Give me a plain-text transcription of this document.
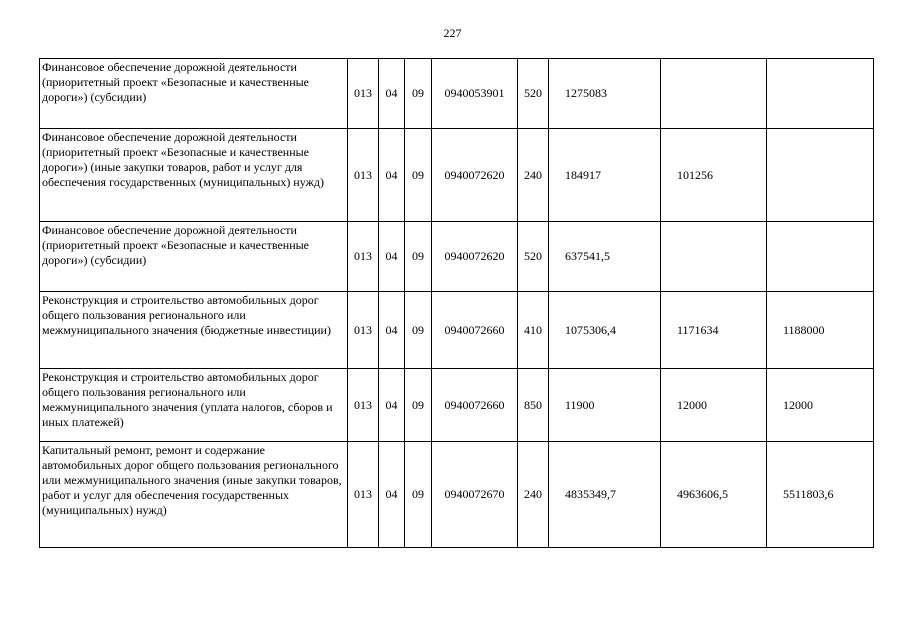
227
Финансовое обеспечение дорожной деятельности (приоритетный проект «Безопасные и качественные дороги») (субсидии)	013	04	09	0940053901	520	1275083		
Финансовое обеспечение дорожной деятельности (приоритетный проект «Безопасные и качественные дороги») (иные закупки товаров, работ и услуг для обеспечения государственных (муниципальных) нужд)	013	04	09	0940072620	240	184917	101256	
Финансовое обеспечение дорожной деятельности (приоритетный проект «Безопасные и качественные дороги») (субсидии)	013	04	09	0940072620	520	637541,5		
Реконструкция и строительство автомобильных дорог общего пользования регионального или межмуниципального значения (бюджетные инвестиции)	013	04	09	0940072660	410	1075306,4	1171634	1188000
Реконструкция и строительство автомобильных дорог общего пользования регионального или межмуниципального значения (уплата налогов, сборов и иных платежей)	013	04	09	0940072660	850	11900	12000	12000
Капитальный ремонт, ремонт и содержание автомобильных дорог общего пользования регионального или межмуниципального значения (иные закупки товаров, работ и услуг для обеспечения государственных (муниципальных) нужд)	013	04	09	0940072670	240	4835349,7	4963606,5	5511803,6
